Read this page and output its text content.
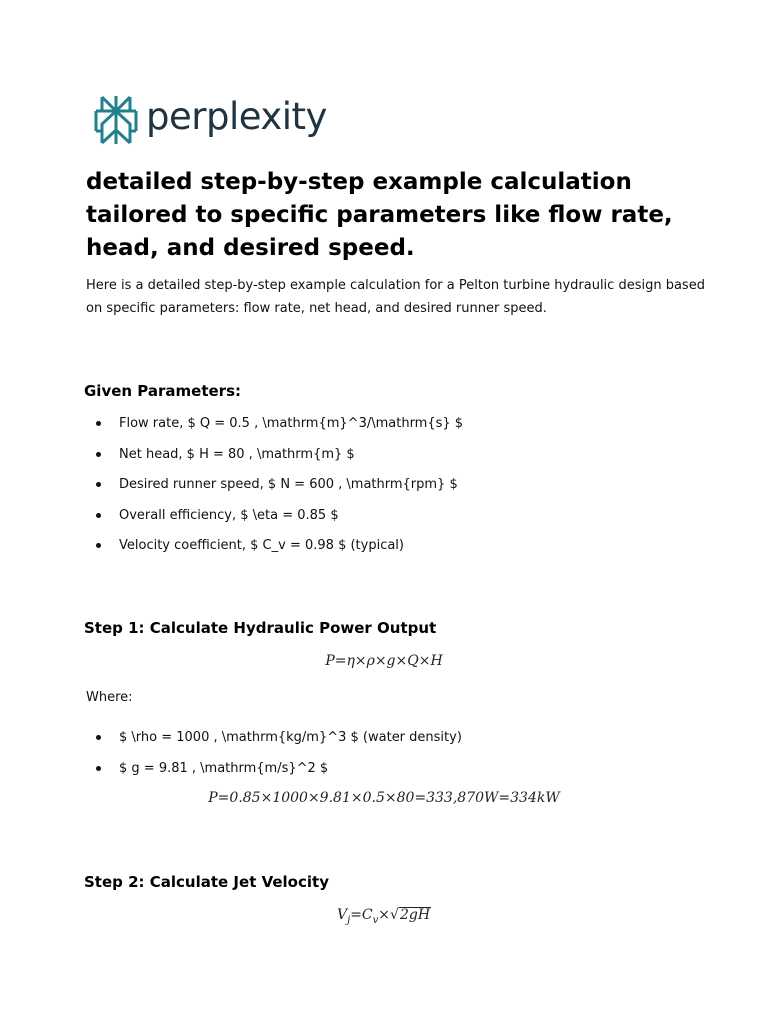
perplexity
detailed step-by-step example calculation tailored to specific parameters like flow rate, head, and desired speed.

Here is a detailed step-by-step example calculation for a Pelton turbine hydraulic design based on specific parameters: flow rate, net head, and desired runner speed.

Given Parameters:
Flow rate, $ Q = 0.5 , \mathrm{m}^3/\mathrm{s} $
Net head, $ H = 80 , \mathrm{m} $
Desired runner speed, $ N = 600 , \mathrm{rpm} $
Overall efficiency, $ \eta = 0.85 $
Velocity coefficient, $ C_v = 0.98 $ (typical)
Step 1: Calculate Hydraulic Power Output

P=η×ρ×g×Q×H

Where:

$ \rho = 1000 , \mathrm{kg/m}^3 $ (water density)
$ g = 9.81 , \mathrm{m/s}^2 $

P=0.85×1000×9.81×0.5×80=333,870W=334kW

Step 2: Calculate Jet Velocity

$V_j=C_v\times√2gH$
